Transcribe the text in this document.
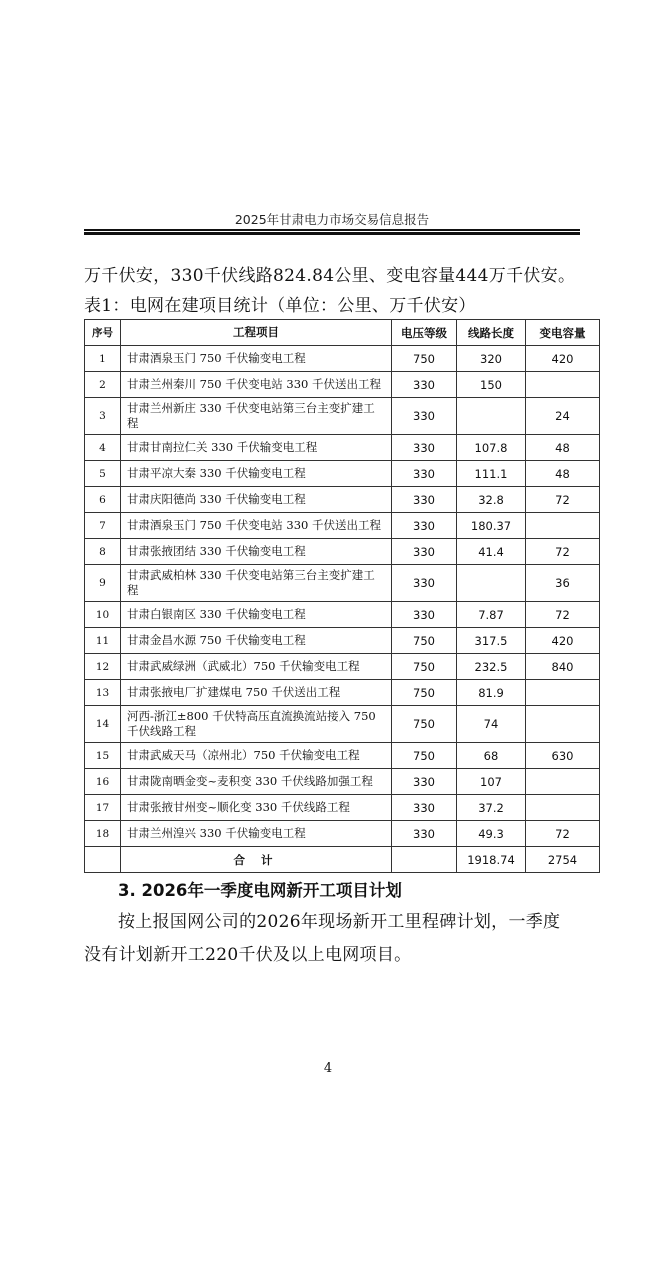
2025年甘肃电力市场交易信息报告
万千伏安，330千伏线路824.84公里、变电容量444万千伏安。
表1：电网在建项目统计（单位：公里、万千伏安）
序号	工程项目	电压等级	线路长度	变电容量
1	甘肃酒泉玉门 750 千伏输变电工程	750	320	420
2	甘肃兰州秦川 750 千伏变电站 330 千伏送出工程	330	150	
3	甘肃兰州新庄 330 千伏变电站第三台主变扩建工程	330		24
4	甘肃甘南拉仁关 330 千伏输变电工程	330	107.8	48
5	甘肃平凉大秦 330 千伏输变电工程	330	111.1	48
6	甘肃庆阳德尚 330 千伏输变电工程	330	32.8	72
7	甘肃酒泉玉门 750 千伏变电站 330 千伏送出工程	330	180.37	
8	甘肃张掖团结 330 千伏输变电工程	330	41.4	72
9	甘肃武威柏林 330 千伏变电站第三台主变扩建工程	330		36
10	甘肃白银南区 330 千伏输变电工程	330	7.87	72
11	甘肃金昌水源 750 千伏输变电工程	750	317.5	420
12	甘肃武威绿洲（武威北）750 千伏输变电工程	750	232.5	840
13	甘肃张掖电厂扩建煤电 750 千伏送出工程	750	81.9	
14	河西-浙江±800 千伏特高压直流换流站接入 750 千伏线路工程	750	74	
15	甘肃武威天马（凉州北）750 千伏输变电工程	750	68	630
16	甘肃陇南晒金变~麦积变 330 千伏线路加强工程	330	107	
17	甘肃张掖甘州变~顺化变 330 千伏线路工程	330	37.2	
18	甘肃兰州湟兴 330 千伏输变电工程	330	49.3	72
	合 计		1918.74	2754
3. 2026年一季度电网新开工项目计划
按上报国网公司的2026年现场新开工里程碑计划，一季度
没有计划新开工220千伏及以上电网项目。
4
